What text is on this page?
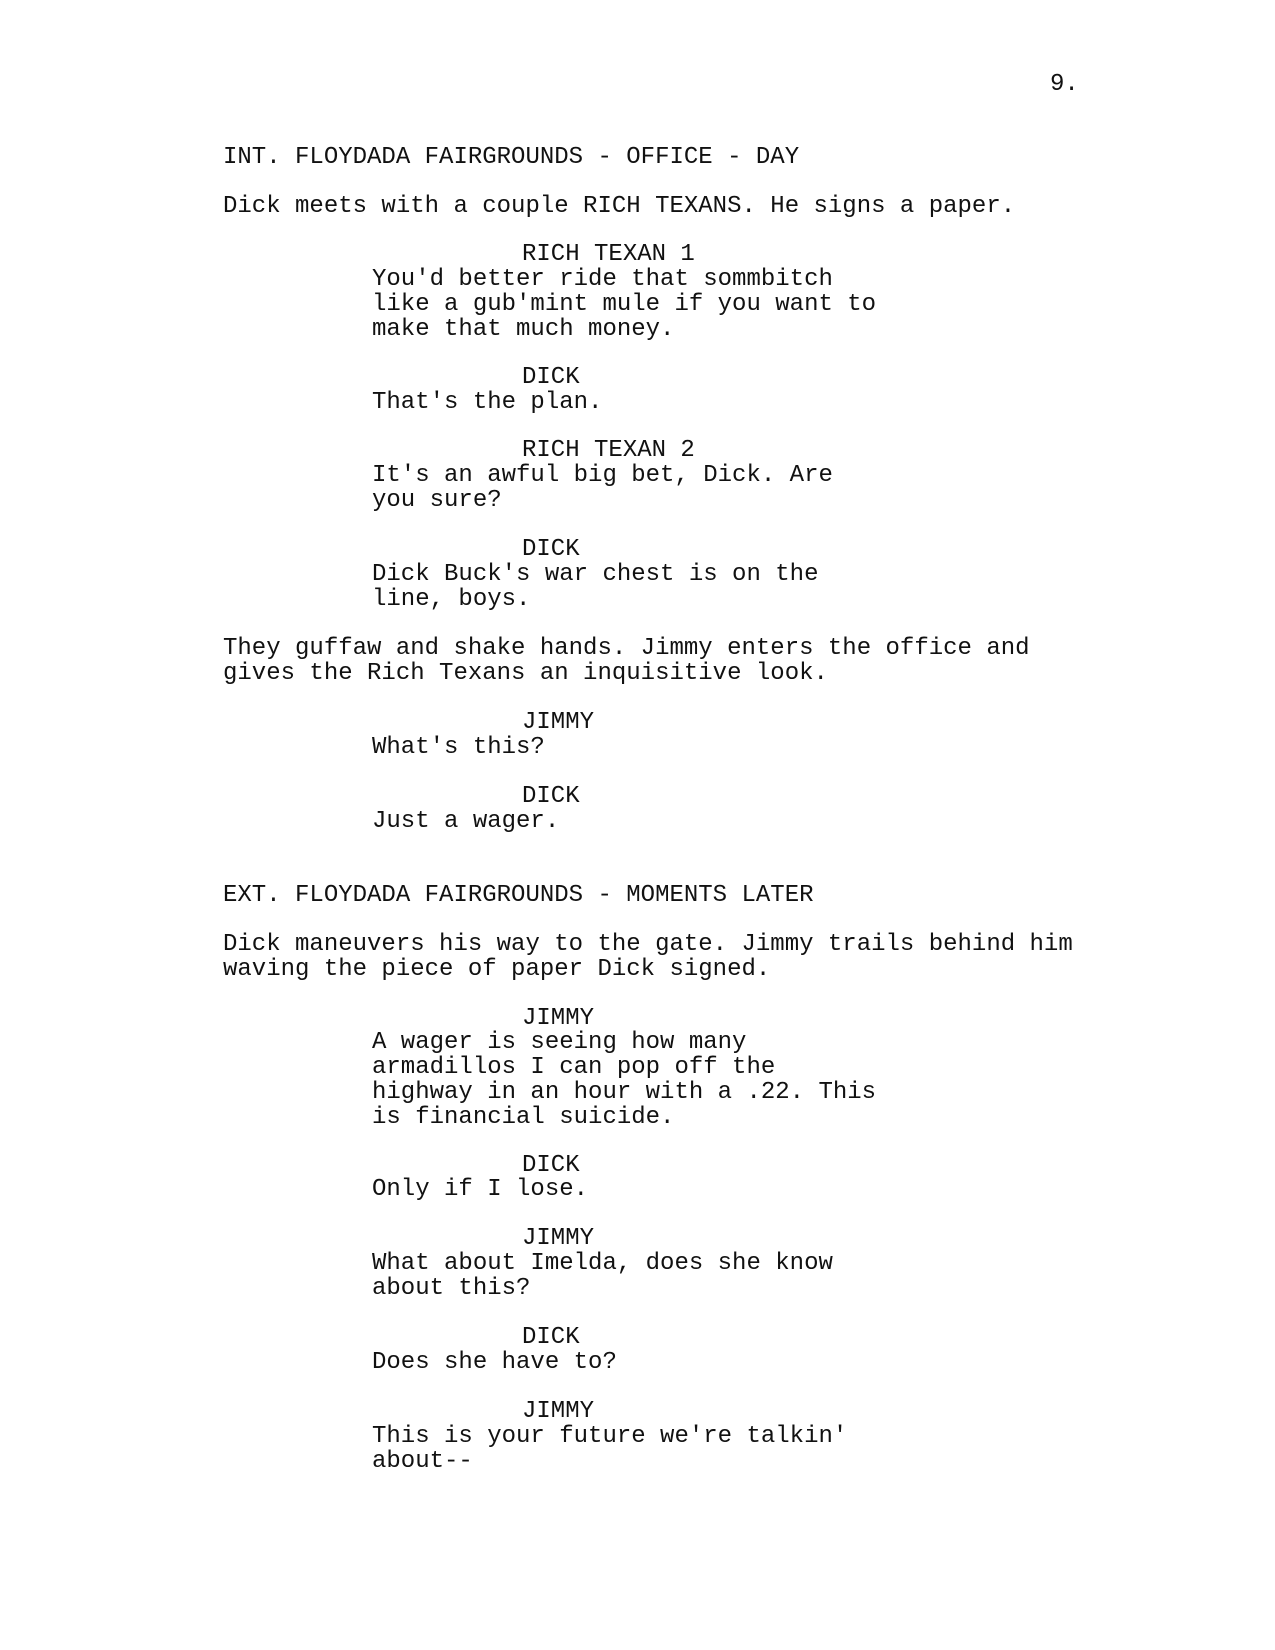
9.
INT. FLOYDADA FAIRGROUNDS - OFFICE - DAY
Dick meets with a couple RICH TEXANS. He signs a paper.
RICH TEXAN 1
You'd better ride that sommbitch
like a gub'mint mule if you want to
make that much money.
DICK
That's the plan.
RICH TEXAN 2
It's an awful big bet, Dick. Are
you sure?
DICK
Dick Buck's war chest is on the
line, boys.
They guffaw and shake hands. Jimmy enters the office and
gives the Rich Texans an inquisitive look.
JIMMY
What's this?
DICK
Just a wager.
EXT. FLOYDADA FAIRGROUNDS - MOMENTS LATER
Dick maneuvers his way to the gate. Jimmy trails behind him
waving the piece of paper Dick signed.
JIMMY
A wager is seeing how many
armadillos I can pop off the
highway in an hour with a .22. This
is financial suicide.
DICK
Only if I lose.
JIMMY
What about Imelda, does she know
about this?
DICK
Does she have to?
JIMMY
This is your future we're talkin'
about--
